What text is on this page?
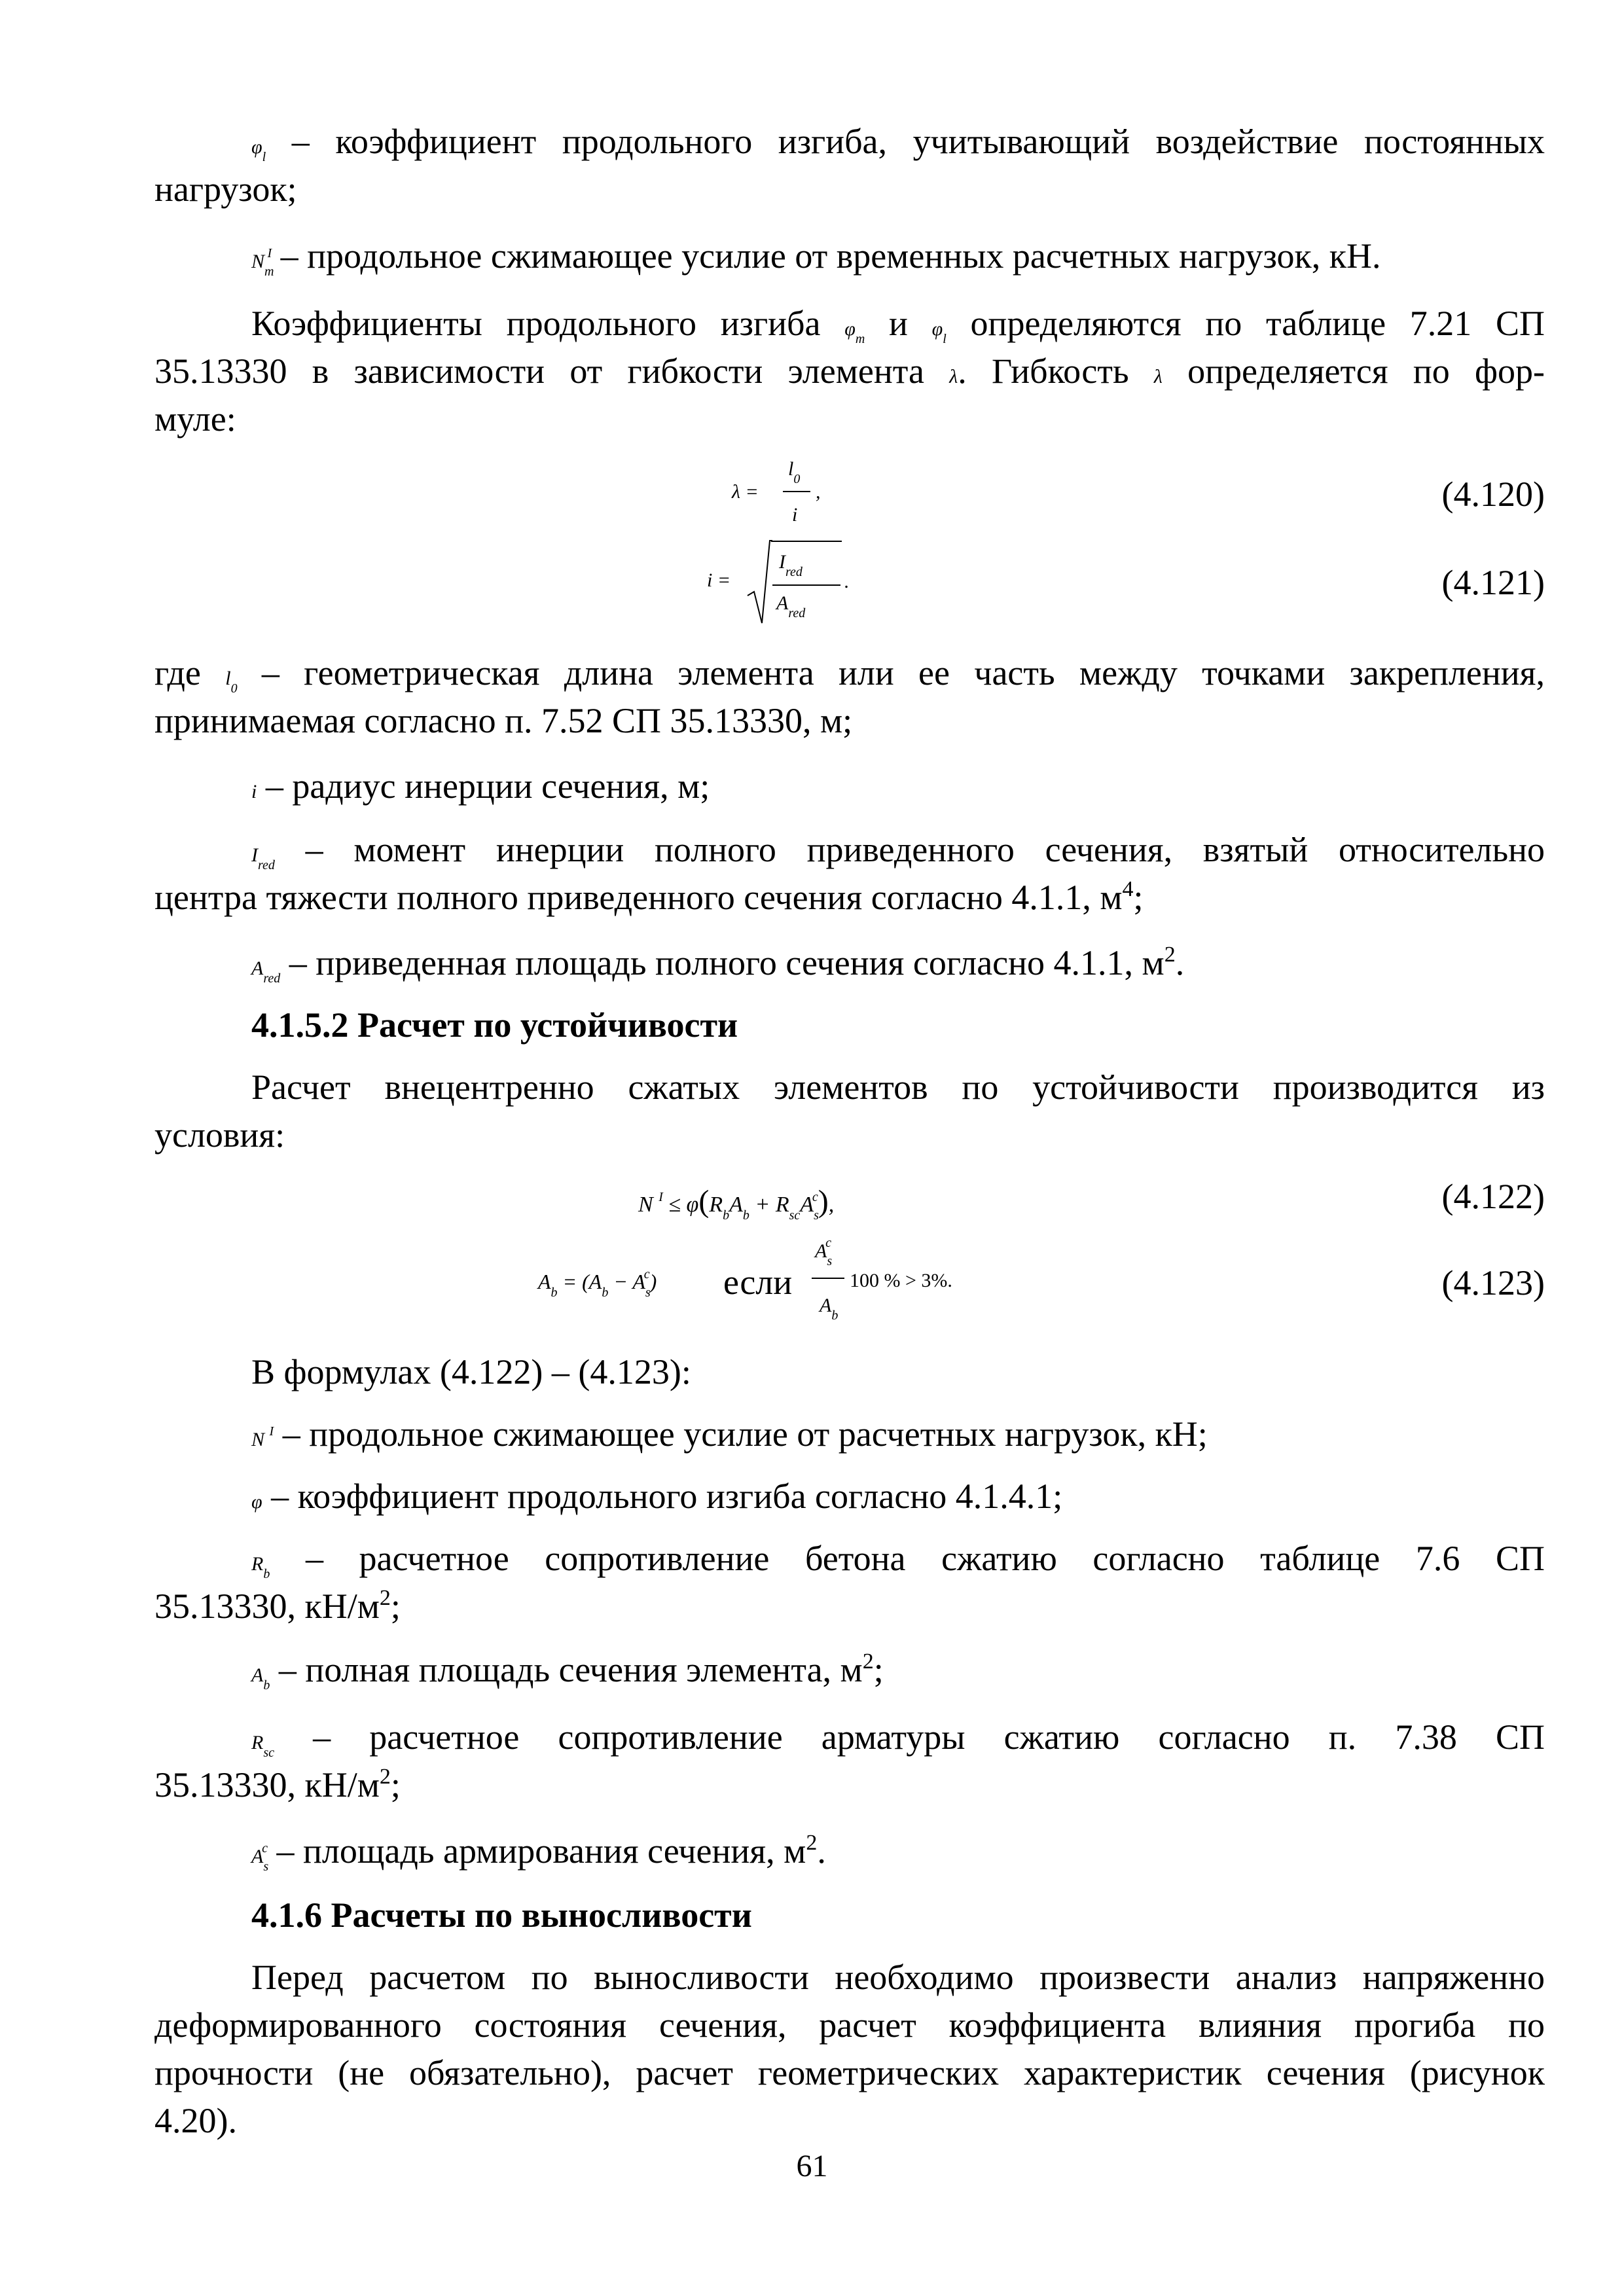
$\varphi_l$ – коэффициент продольного изгиба, учитывающий воздействие постоянных
нагрузок;
$N_m^I$ – продольное сжимающее усилие от временных расчетных нагрузок, кН.
Коэффициенты продольного изгиба $\varphi_m$ и $\varphi_l$ определяются по таблице 7.21 СП
35.13330 в зависимости от гибкости элемента λ. Гибкость λ определяется по фор-
муле:
λ =
$l_0$
i
,	(4.120)
i =
$I_{red}$
$A_{red}$
.	(4.121)
где $l_0$ – геометрическая длина элемента или ее часть между точками закрепления,
принимаемая согласно п. 7.52 СП 35.13330, м;
i – радиус инерции сечения, м;
$I_{red}$ – момент инерции полного приведенного сечения, взятый относительно
центра тяжести полного приведенного сечения согласно 4.1.1, $м^4$;
$A_{red}$ – приведенная площадь полного сечения согласно 4.1.1, $м^2$.
4.1.5.2 Расчет по устойчивости
Расчет внецентренно сжатых элементов по устойчивости производится из
условия:
N $^I \le \varphi(R_bA_b + R_{sc}A_s^c)$,	(4.122)
$A_b = (A_b - A_s^c)$ если
$A_s^c$
$A_b$
100 % > 3%.	(4.123)
В формулах (4.122) – (4.123):
N $^I$ – продольное сжимающее усилие от расчетных нагрузок, кН;
φ – коэффициент продольного изгиба согласно 4.1.4.1;
$R_b$ – расчетное сопротивление бетона сжатию согласно таблице 7.6 СП
35.13330, $кН/м^2$;
$A_b$ – полная площадь сечения элемента, $м^2$;
$R_{sc}$ – расчетное сопротивление арматуры сжатию согласно п. 7.38 СП
35.13330, $кН/м^2$;
$A_s^c$ – площадь армирования сечения, $м^2$.
4.1.6 Расчеты по выносливости
Перед расчетом по выносливости необходимо произвести анализ напряженно
деформированного состояния сечения, расчет коэффициента влияния прогиба по
прочности (не обязательно), расчет геометрических характеристик сечения (рисунок
4.20).
61
